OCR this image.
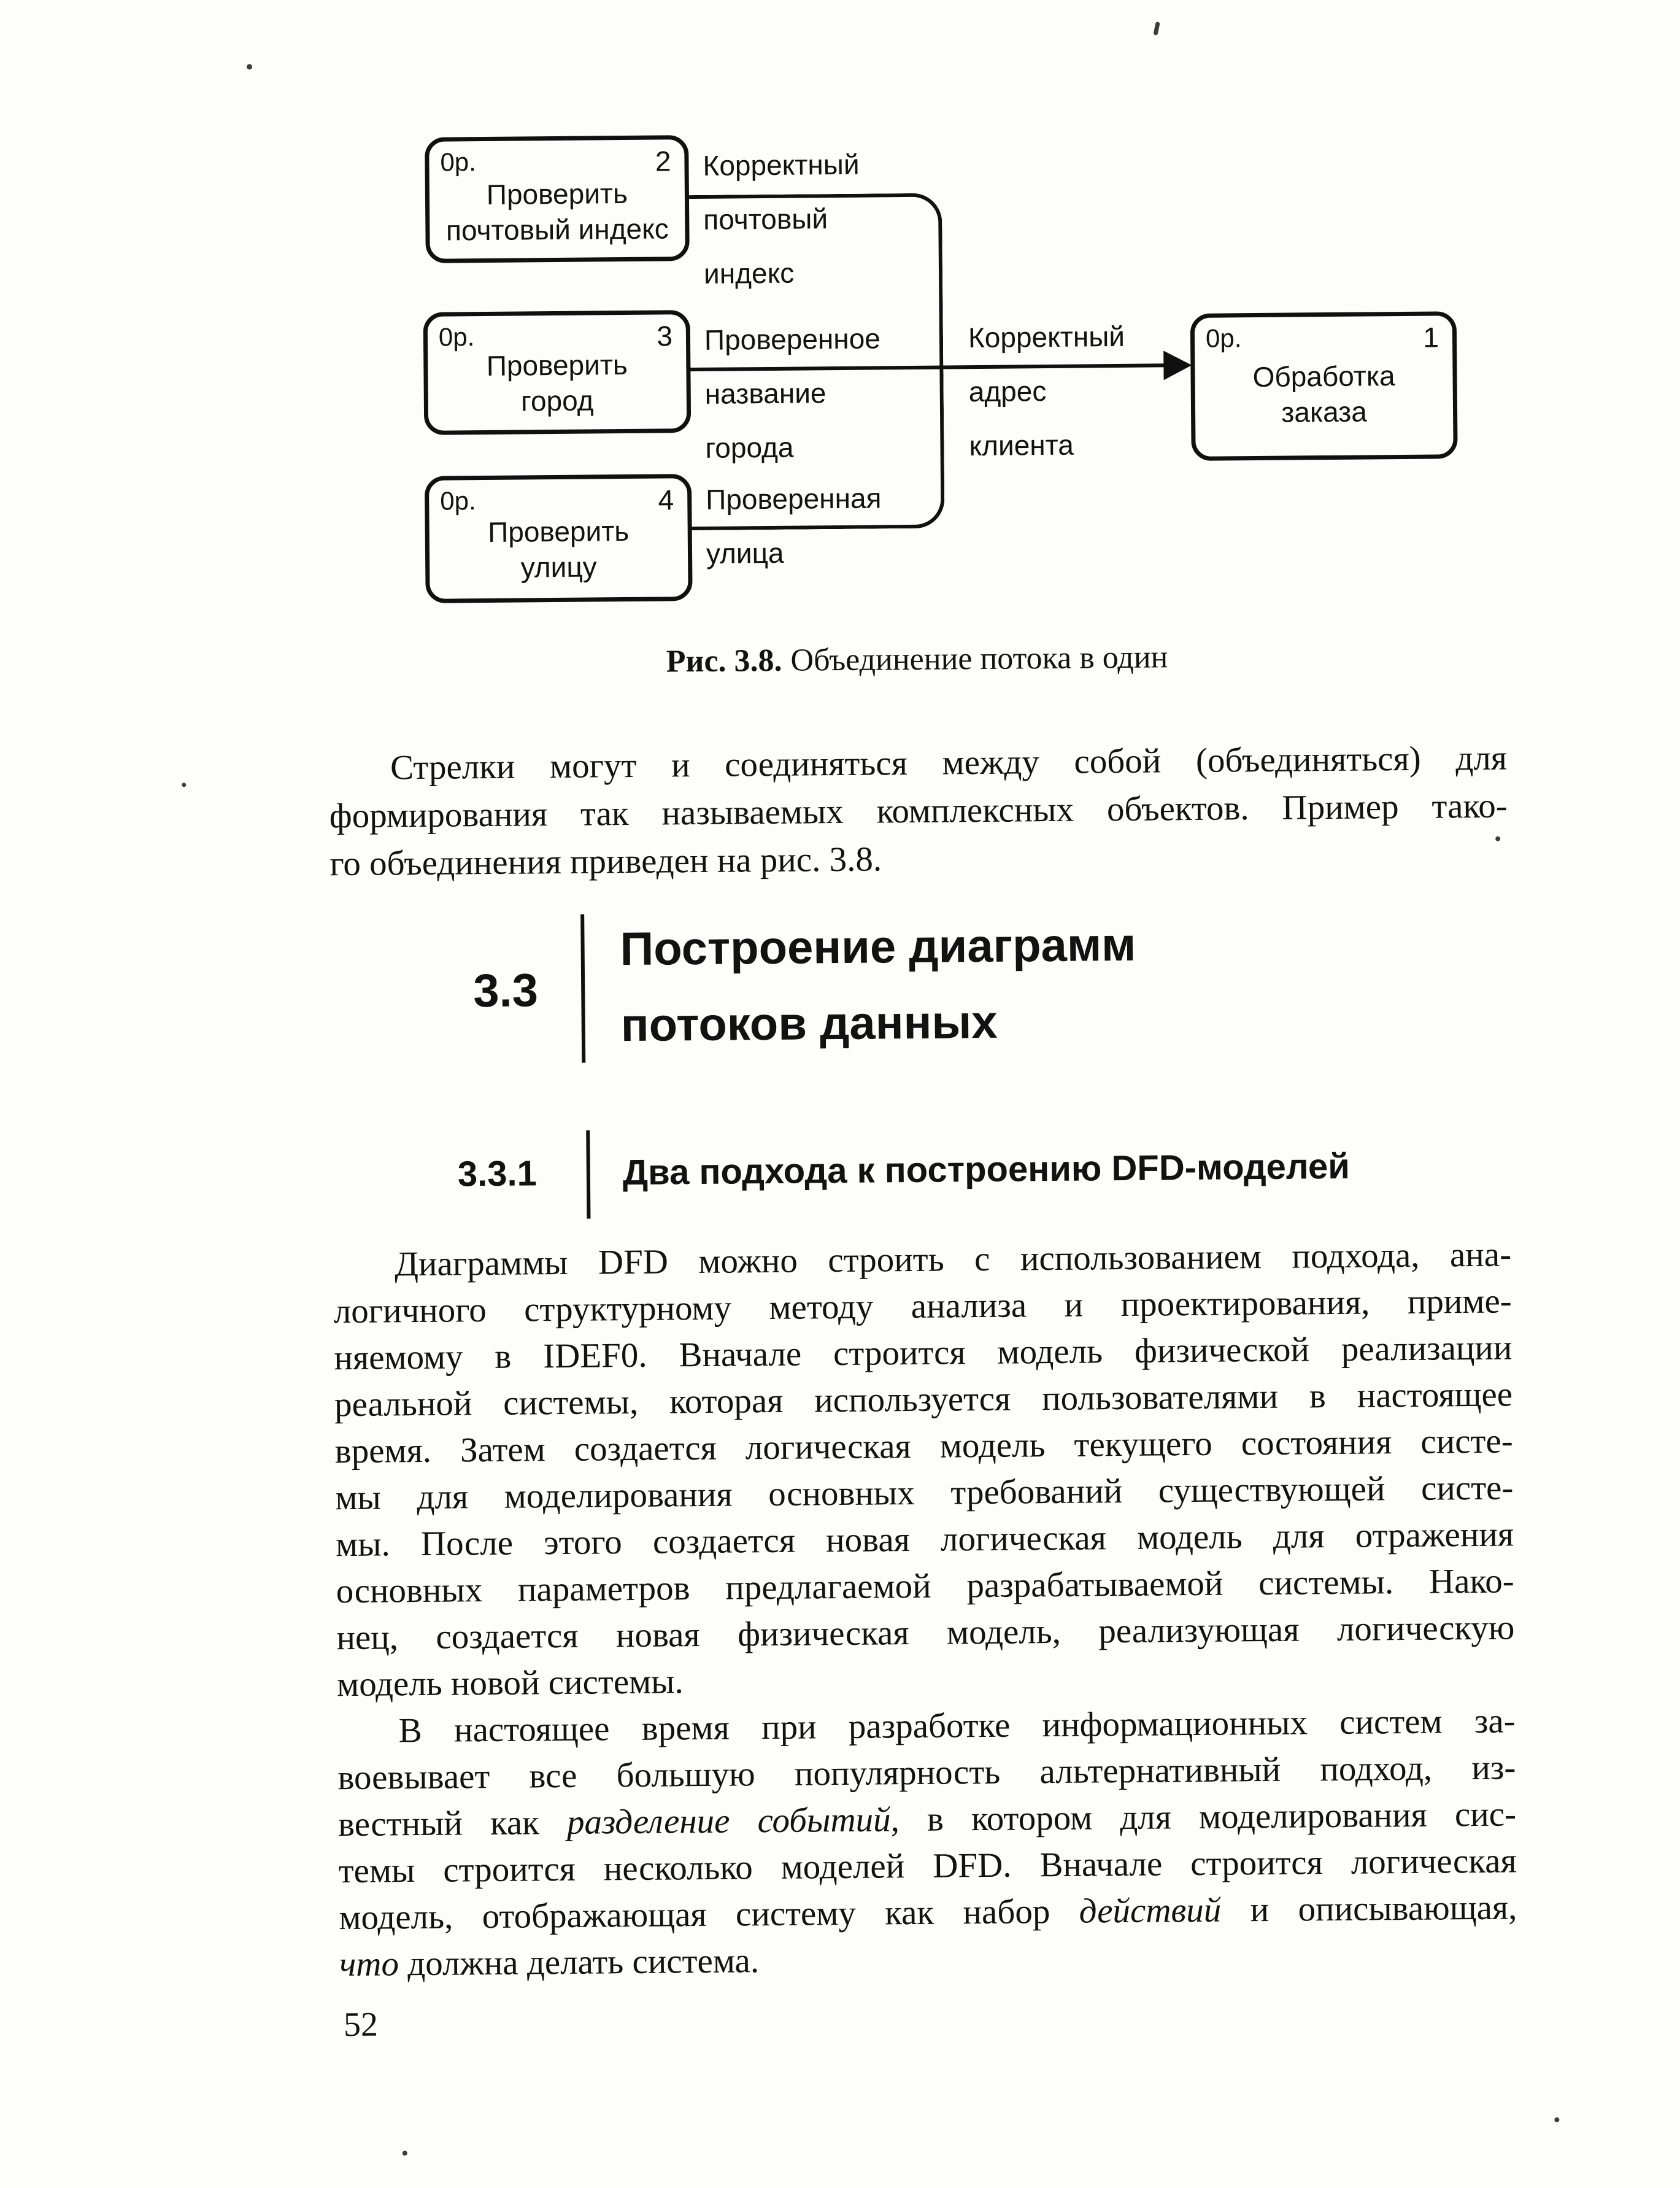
0р.	2
Проверить
почтовый индекс
0р.	3
Проверить
город
0р.	4
Проверить
улицу
0р.	1
Обработка
заказа
Корректный
почтовый
индекс
Проверенное
название
города
Проверенная
улица
Корректный
адрес
клиента
Рис. 3.8. Объединение потока в один
Стрелки могут и соединяться между собой (объединяться) для
формирования так называемых комплексных объектов. Пример тако-
го объединения приведен на рис. 3.8.
3.3
Построение диаграмм
потоков данных
3.3.1 Два подхода к построению DFD-моделей
Диаграммы DFD можно строить с использованием подхода, ана-
логичного структурному методу анализа и проектирования, приме-
няемому в IDEF0. Вначале строится модель физической реализации
реальной системы, которая используется пользователями в настоящее
время. Затем создается логическая модель текущего состояния систе-
мы для моделирования основных требований существующей систе-
мы. После этого создается новая логическая модель для отражения
основных параметров предлагаемой разрабатываемой системы. Нако-
нец, создается новая физическая модель, реализующая логическую
модель новой системы.
В настоящее время при разработке информационных систем за-
воевывает все большую популярность альтернативный подход, из-
вестный как разделение событий, в котором для моделирования сис-
темы строится несколько моделей DFD. Вначале строится логическая
модель, отображающая систему как набор действий и описывающая,
что должна делать система.
52
